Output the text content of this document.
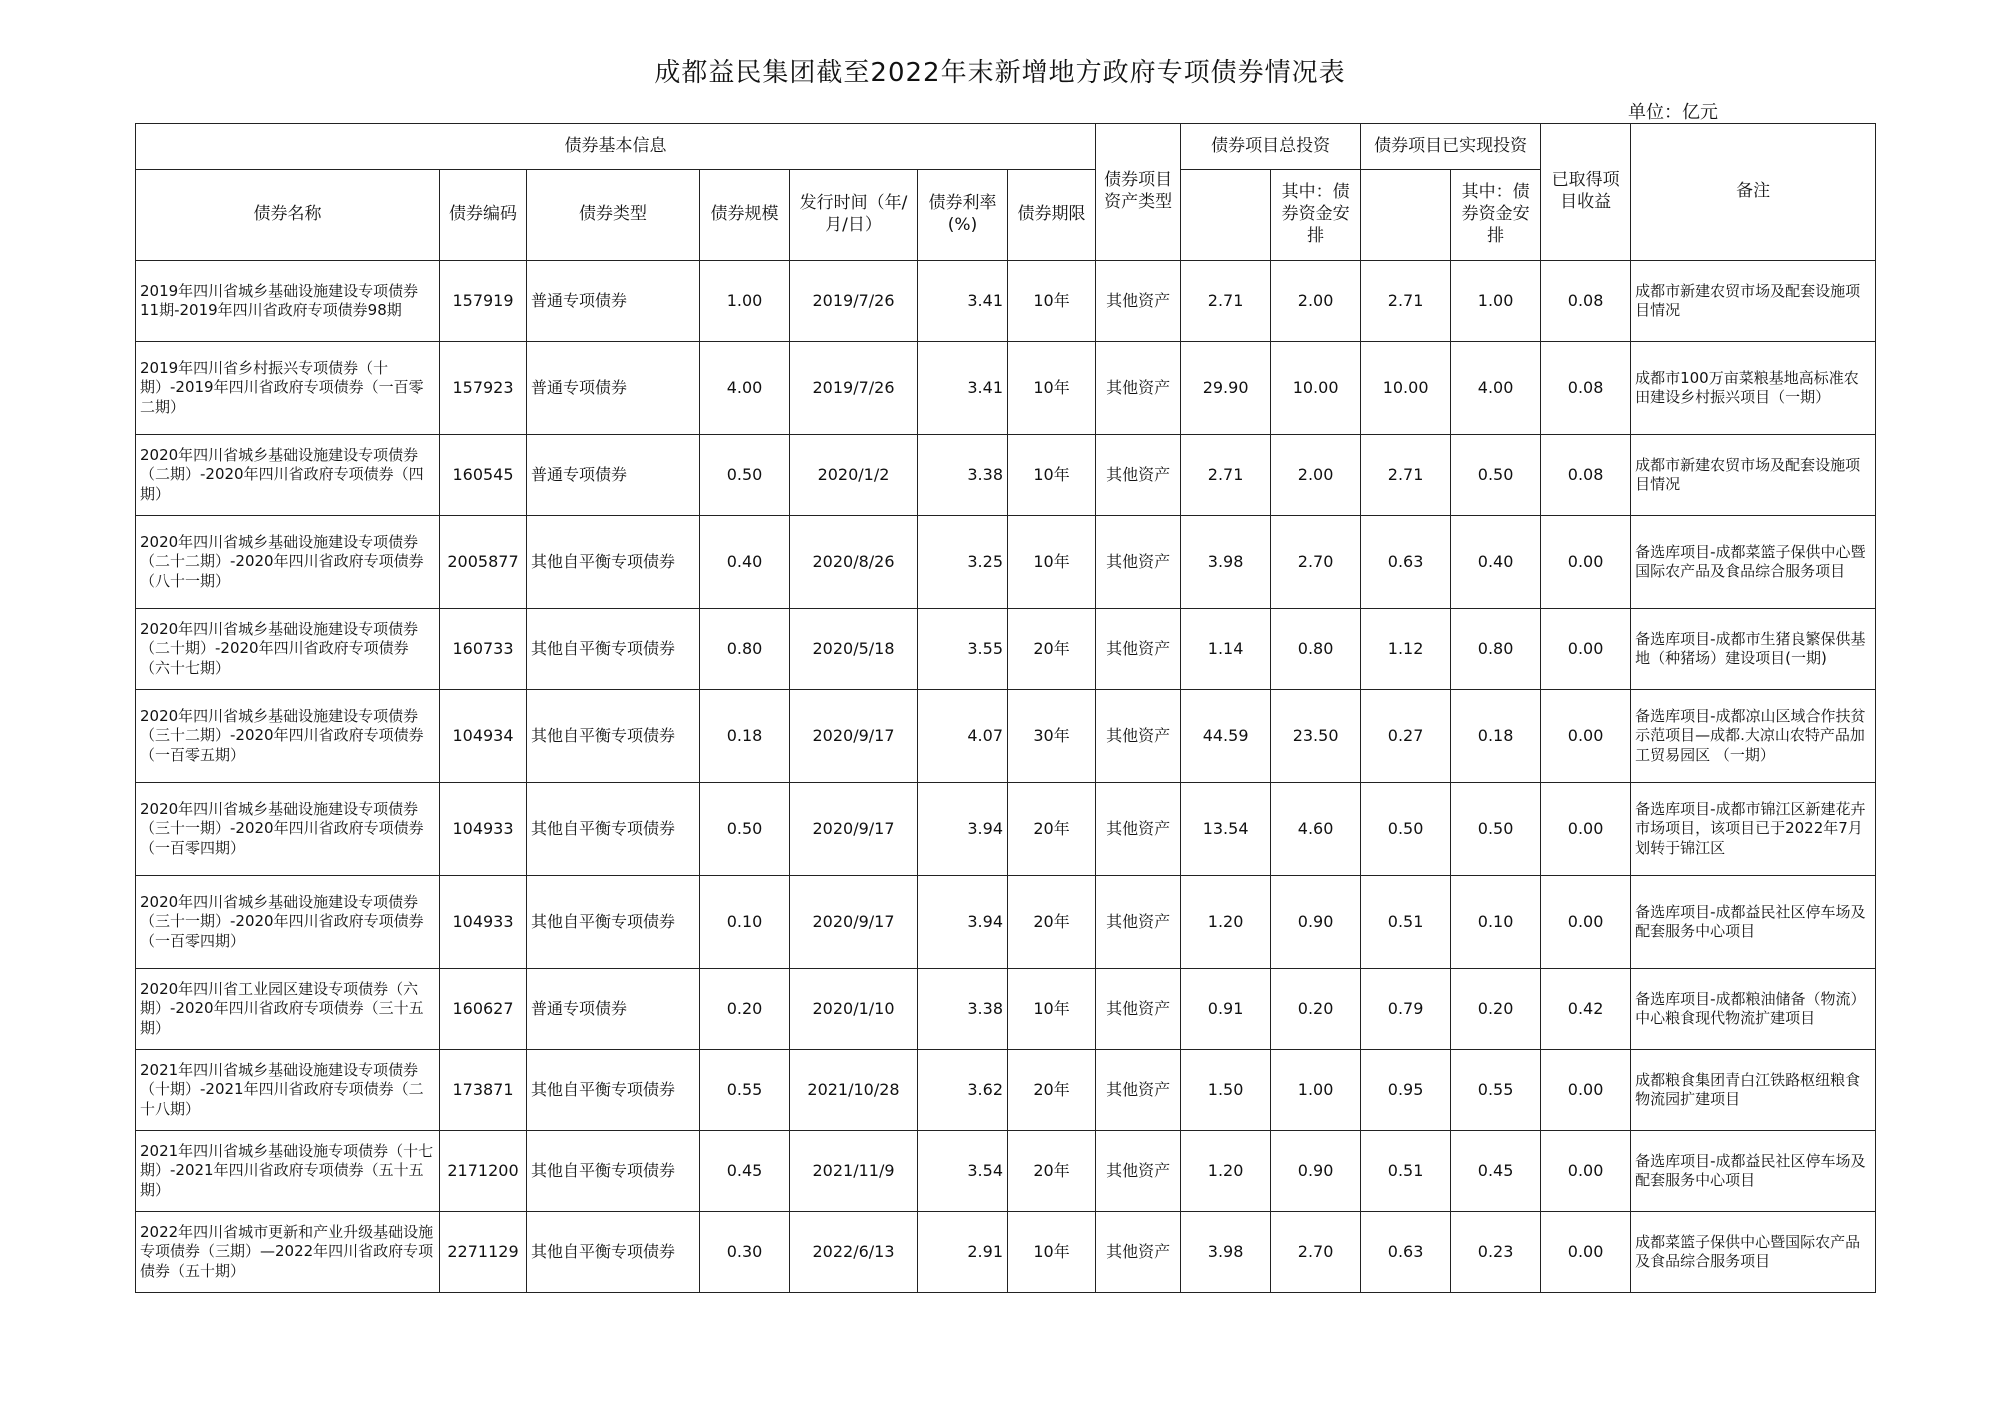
成都益民集团截至2022年末新增地方政府专项债券情况表
单位：亿元
债券基本信息							债券项目资产类型	债券项目总投资		债券项目已实现投资		已取得项目收益	备注
债券名称	债券编码	债券类型	债券规模	发行时间（年/月/日）	债券利率(%)	债券期限			其中：债券资金安排		其中：债券资金安排		
2019年四川省城乡基础设施建设专项债券11期-2019年四川省政府专项债券98期	157919	普通专项债券	1.00	2019/7/26	3.41	10年	其他资产	2.71	2.00	2.71	1.00	0.08	成都市新建农贸市场及配套设施项目情况
2019年四川省乡村振兴专项债券（十期）-2019年四川省政府专项债券（一百零二期）	157923	普通专项债券	4.00	2019/7/26	3.41	10年	其他资产	29.90	10.00	10.00	4.00	0.08	成都市100万亩菜粮基地高标准农田建设乡村振兴项目（一期）
2020年四川省城乡基础设施建设专项债券（二期）-2020年四川省政府专项债券（四期）	160545	普通专项债券	0.50	2020/1/2	3.38	10年	其他资产	2.71	2.00	2.71	0.50	0.08	成都市新建农贸市场及配套设施项目情况
2020年四川省城乡基础设施建设专项债券（二十二期）-2020年四川省政府专项债券（八十一期）	2005877	其他自平衡专项债券	0.40	2020/8/26	3.25	10年	其他资产	3.98	2.70	0.63	0.40	0.00	备选库项目-成都菜篮子保供中心暨国际农产品及食品综合服务项目
2020年四川省城乡基础设施建设专项债券（二十期）-2020年四川省政府专项债券（六十七期）	160733	其他自平衡专项债券	0.80	2020/5/18	3.55	20年	其他资产	1.14	0.80	1.12	0.80	0.00	备选库项目-成都市生猪良繁保供基地（种猪场）建设项目(一期)
2020年四川省城乡基础设施建设专项债券（三十二期）-2020年四川省政府专项债券（一百零五期）	104934	其他自平衡专项债券	0.18	2020/9/17	4.07	30年	其他资产	44.59	23.50	0.27	0.18	0.00	备选库项目-成都凉山区域合作扶贫示范项目—成都.大凉山农特产品加工贸易园区 （一期）
2020年四川省城乡基础设施建设专项债券（三十一期）-2020年四川省政府专项债券（一百零四期）	104933	其他自平衡专项债券	0.50	2020/9/17	3.94	20年	其他资产	13.54	4.60	0.50	0.50	0.00	备选库项目-成都市锦江区新建花卉市场项目，该项目已于2022年7月划转于锦江区
2020年四川省城乡基础设施建设专项债券（三十一期）-2020年四川省政府专项债券（一百零四期）	104933	其他自平衡专项债券	0.10	2020/9/17	3.94	20年	其他资产	1.20	0.90	0.51	0.10	0.00	备选库项目-成都益民社区停车场及配套服务中心项目
2020年四川省工业园区建设专项债券（六期）-2020年四川省政府专项债券（三十五期）	160627	普通专项债券	0.20	2020/1/10	3.38	10年	其他资产	0.91	0.20	0.79	0.20	0.42	备选库项目-成都粮油储备（物流）中心粮食现代物流扩建项目
2021年四川省城乡基础设施建设专项债券（十期）-2021年四川省政府专项债券（二十八期）	173871	其他自平衡专项债券	0.55	2021/10/28	3.62	20年	其他资产	1.50	1.00	0.95	0.55	0.00	成都粮食集团青白江铁路枢纽粮食物流园扩建项目
2021年四川省城乡基础设施专项债券（十七期）-2021年四川省政府专项债券（五十五期）	2171200	其他自平衡专项债券	0.45	2021/11/9	3.54	20年	其他资产	1.20	0.90	0.51	0.45	0.00	备选库项目-成都益民社区停车场及配套服务中心项目
2022年四川省城市更新和产业升级基础设施专项债券（三期）—2022年四川省政府专项债券（五十期）	2271129	其他自平衡专项债券	0.30	2022/6/13	2.91	10年	其他资产	3.98	2.70	0.63	0.23	0.00	成都菜篮子保供中心暨国际农产品及食品综合服务项目
